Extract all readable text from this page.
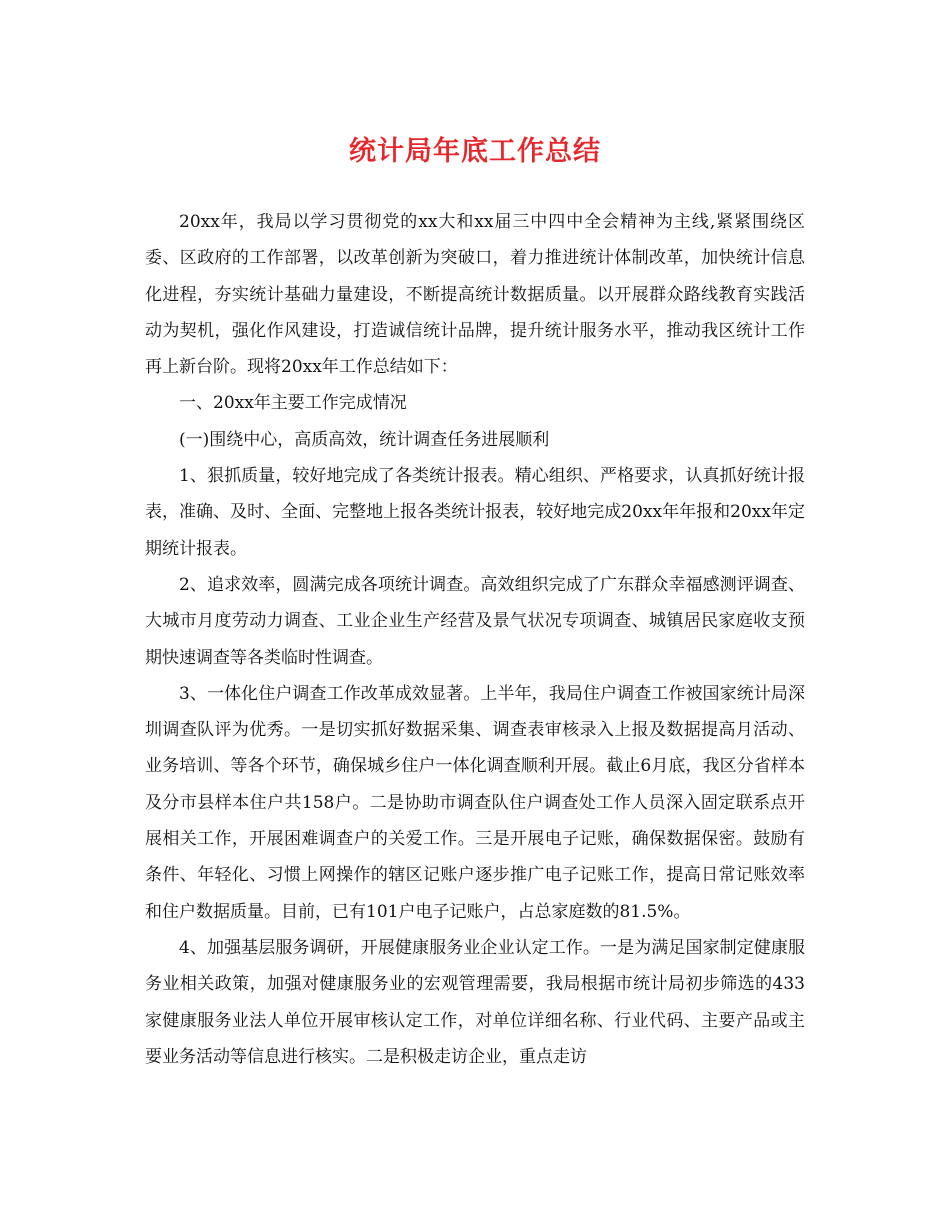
统计局年底工作总结

20xx年，我局以学习贯彻党的xx大和xx届三中四中全会精神为主线,紧紧围绕区委、区政府的工作部署，以改革创新为突破口，着力推进统计体制改革，加快统计信息化进程，夯实统计基础力量建设，不断提高统计数据质量。以开展群众路线教育实践活动为契机，强化作风建设，打造诚信统计品牌，提升统计服务水平，推动我区统计工作再上新台阶。现将20xx年工作总结如下：

一、20xx年主要工作完成情况

(一)围绕中心，高质高效，统计调查任务进展顺利

1、狠抓质量，较好地完成了各类统计报表。精心组织、严格要求，认真抓好统计报表，准确、及时、全面、完整地上报各类统计报表，较好地完成20xx年年报和20xx年定期统计报表。

2、追求效率，圆满完成各项统计调查。高效组织完成了广东群众幸福感测评调查、大城市月度劳动力调查、工业企业生产经营及景气状况专项调查、城镇居民家庭收支预期快速调查等各类临时性调查。

3、一体化住户调查工作改革成效显著。上半年，我局住户调查工作被国家统计局深圳调查队评为优秀。一是切实抓好数据采集、调查表审核录入上报及数据提高月活动、业务培训、等各个环节，确保城乡住户一体化调查顺利开展。截止6月底，我区分省样本及分市县样本住户共158户。二是协助市调查队住户调查处工作人员深入固定联系点开展相关工作，开展困难调查户的关爱工作。三是开展电子记账，确保数据保密。鼓励有条件、年轻化、习惯上网操作的辖区记账户逐步推广电子记账工作，提高日常记账效率和住户数据质量。目前，已有101户电子记账户，占总家庭数的81.5%。

4、加强基层服务调研，开展健康服务业企业认定工作。一是为满足国家制定健康服务业相关政策，加强对健康服务业的宏观管理需要，我局根据市统计局初步筛选的433家健康服务业法人单位开展审核认定工作，对单位详细名称、行业代码、主要产品或主要业务活动等信息进行核实。二是积极走访企业，重点走访
